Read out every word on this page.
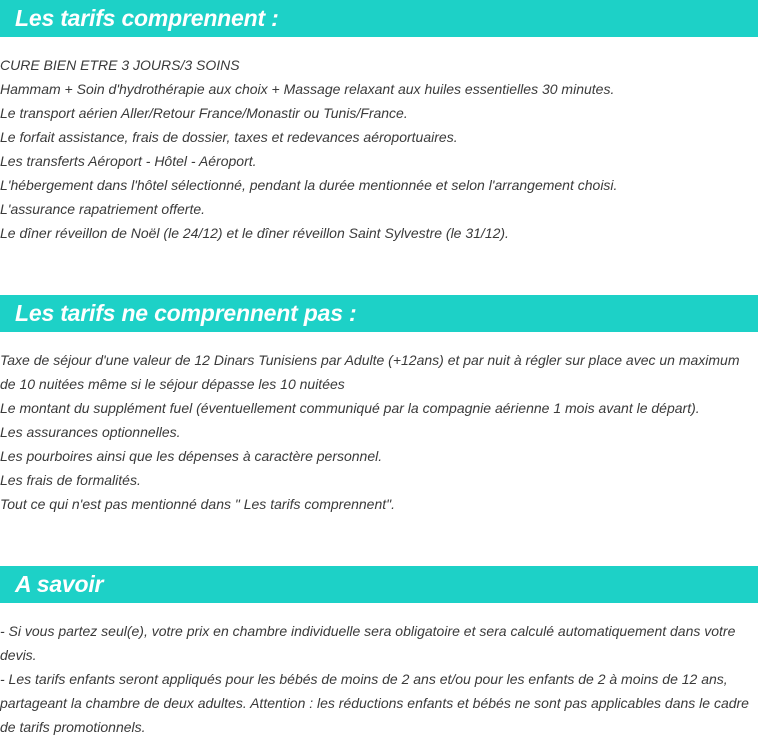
Les tarifs comprennent :
CURE BIEN ETRE 3 JOURS/3 SOINS
Hammam + Soin d'hydrothérapie aux choix + Massage relaxant aux huiles essentielles 30 minutes.
Le transport aérien Aller/Retour France/Monastir ou Tunis/France.
Le forfait assistance, frais de dossier, taxes et redevances aéroportuaires.
Les transferts Aéroport - Hôtel - Aéroport.
L'hébergement dans l'hôtel sélectionné, pendant la durée mentionnée et selon l'arrangement choisi.
L'assurance rapatriement offerte.
Le dîner réveillon de Noël (le 24/12) et le dîner réveillon Saint Sylvestre (le 31/12).
Les tarifs ne comprennent pas :
Taxe de séjour d'une valeur de 12 Dinars Tunisiens par Adulte (+12ans) et par nuit à régler sur place avec un maximum de 10 nuitées même si le séjour dépasse les 10 nuitées
Le montant du supplément fuel (éventuellement communiqué par la compagnie aérienne 1 mois avant le départ).
Les assurances optionnelles.
Les pourboires ainsi que les dépenses à caractère personnel.
Les frais de formalités.
Tout ce qui n'est pas mentionné dans " Les tarifs comprennent".
A savoir
- Si vous partez seul(e), votre prix en chambre individuelle sera obligatoire et sera calculé automatiquement dans votre devis.
- Les tarifs enfants seront appliqués pour les bébés de moins de 2 ans et/ou pour les enfants de 2 à moins de 12 ans, partageant la chambre de deux adultes. Attention : les réductions enfants et bébés ne sont pas applicables dans le cadre de tarifs promotionnels.
